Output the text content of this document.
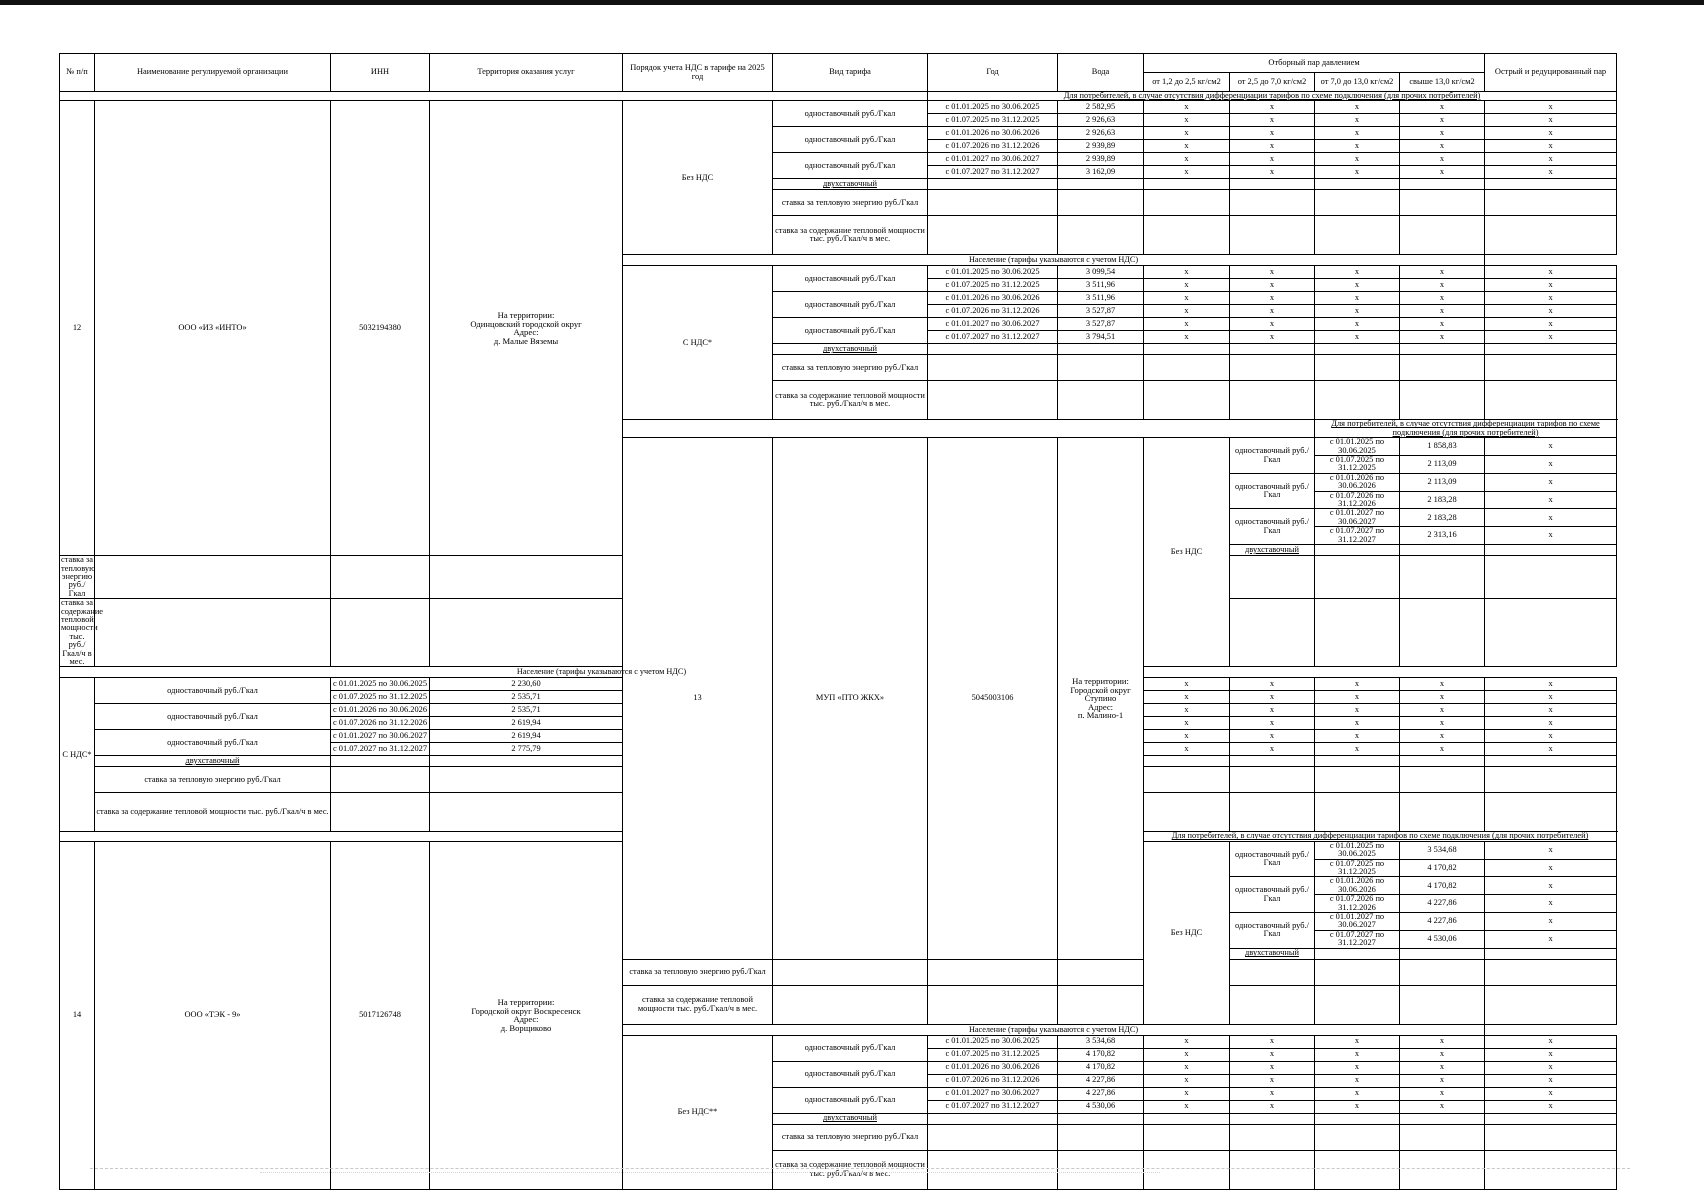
№ п/п	Наименование регулируемой организации	ИНН	Территория оказания услуг	Порядок учета НДС в тарифе на 2025 год	Вид тарифа	Год	Вода	Отборный пар давлением				Острый и редуцированный пар	
								от 1,2 до 2,5 кг/см2	от 2,5 до 7,0 кг/см2	от 7,0 до 13,0 кг/см2	свыше 13,0 кг/см2		
						Для потребителей, в случае отсутствия дифференциации тарифов по схеме подключения (для прочих потребителей)							
12	ООО «ИЗ «ИНТО»	5032194380	На территории:
Одинцовский городской округ
Адрес:
д. Малые Вяземы	Без НДС	одноставочный руб./Гкал	с 01.01.2025 по 30.06.2025	2 582,95	х	х	х	х	х	
						с 01.07.2025 по 31.12.2025	2 926,63	х	х	х	х	х	
					одноставочный руб./Гкал	с 01.01.2026 по 30.06.2026	2 926,63	х	х	х	х	х	
						с 01.07.2026 по 31.12.2026	2 939,89	х	х	х	х	х	
					одноставочный руб./Гкал	с 01.01.2027 по 30.06.2027	2 939,89	х	х	х	х	х	
						с 01.07.2027 по 31.12.2027	3 162,09	х	х	х	х	х	
					двухставочный								
					ставка за тепловую энергию руб./Гкал								
					ставка за содержание тепловой мощности тыс. руб./Гкал/ч в мес.								
				Население (тарифы указываются с учетом НДС)									
				С НДС*	одноставочный руб./Гкал	с 01.01.2025 по 30.06.2025	3 099,54	х	х	х	х	х	
						с 01.07.2025 по 31.12.2025	3 511,96	х	х	х	х	х	
					одноставочный руб./Гкал	с 01.01.2026 по 30.06.2026	3 511,96	х	х	х	х	х	
						с 01.07.2026 по 31.12.2026	3 527,87	х	х	х	х	х	
					одноставочный руб./Гкал	с 01.01.2027 по 30.06.2027	3 527,87	х	х	х	х	х	
						с 01.07.2027 по 31.12.2027	3 794,51	х	х	х	х	х	
					двухставочный								
					ставка за тепловую энергию руб./Гкал								
					ставка за содержание тепловой мощности тыс. руб./Гкал/ч в мес.								
										Для потребителей, в случае отсутствия дифференциации тарифов по схеме подключения (для прочих потребителей)			
				13	МУП «ПТО ЖКХ»	5045003106	На территории:
Городской округ Ступино
Адрес:
п. Малино-1	Без НДС	одноставочный руб./Гкал	с 01.01.2025 по 30.06.2025	1 858,83	х				
										с 01.07.2025 по 31.12.2025	2 113,09	х				
									одноставочный руб./Гкал	с 01.01.2026 по 30.06.2026	2 113,09	х				
										с 01.07.2026 по 31.12.2026	2 183,28	х				
									одноставочный руб./Гкал	с 01.01.2027 по 30.06.2027	2 183,28	х				
										с 01.07.2027 по 31.12.2027	2 313,16	х				
									двухставочный							
ставка за тепловую энергию руб./Гкал													
ставка за содержание тепловой мощности тыс. руб./Гкал/ч в мес.													
Население (тарифы указываются с учетом НДС)													
С НДС*	одноставочный руб./Гкал	с 01.01.2025 по 30.06.2025	2 230,60					х	х	х	х	х	
		с 01.07.2025 по 31.12.2025	2 535,71					х	х	х	х	х	
	одноставочный руб./Гкал	с 01.01.2026 по 30.06.2026	2 535,71					х	х	х	х	х	
		с 01.07.2026 по 31.12.2026	2 619,94					х	х	х	х	х	
	одноставочный руб./Гкал	с 01.01.2027 по 30.06.2027	2 619,94					х	х	х	х	х	
		с 01.07.2027 по 31.12.2027	2 775,79					х	х	х	х	х	
	двухставочный												
	ставка за тепловую энергию руб./Гкал												
	ставка за содержание тепловой мощности тыс. руб./Гкал/ч в мес.												
								Для потребителей, в случае отсутствия дифференциации тарифов по схеме подключения (для прочих потребителей)					
14	ООО «ТЭК - 9»	5017126748	На территории:
Городской округ Воскресенск
Адрес:
д. Ворщиково					Без НДС	одноставочный руб./Гкал	с 01.01.2025 по 30.06.2025	3 534,68	х				
										с 01.07.2025 по 31.12.2025	4 170,82	х				
									одноставочный руб./Гкал	с 01.01.2026 по 30.06.2026	4 170,82	х				
										с 01.07.2026 по 31.12.2026	4 227,86	х				
									одноставочный руб./Гкал	с 01.01.2027 по 30.06.2027	4 227,86	х				
										с 01.07.2027 по 31.12.2027	4 530,06	х				
									двухставочный							
				ставка за тепловую энергию руб./Гкал									
				ставка за содержание тепловой мощности тыс. руб./Гкал/ч в мес.									
				Население (тарифы указываются с учетом НДС)									
				Без НДС**	одноставочный руб./Гкал	с 01.01.2025 по 30.06.2025	3 534,68	х	х	х	х	х	
						с 01.07.2025 по 31.12.2025	4 170,82	х	х	х	х	х	
					одноставочный руб./Гкал	с 01.01.2026 по 30.06.2026	4 170,82	х	х	х	х	х	
						с 01.07.2026 по 31.12.2026	4 227,86	х	х	х	х	х	
					одноставочный руб./Гкал	с 01.01.2027 по 30.06.2027	4 227,86	х	х	х	х	х	
						с 01.07.2027 по 31.12.2027	4 530,06	х	х	х	х	х	
					двухставочный								
					ставка за тепловую энергию руб./Гкал								
					ставка за содержание тепловой мощности тыс. руб./Гкал/ч в мес.								
